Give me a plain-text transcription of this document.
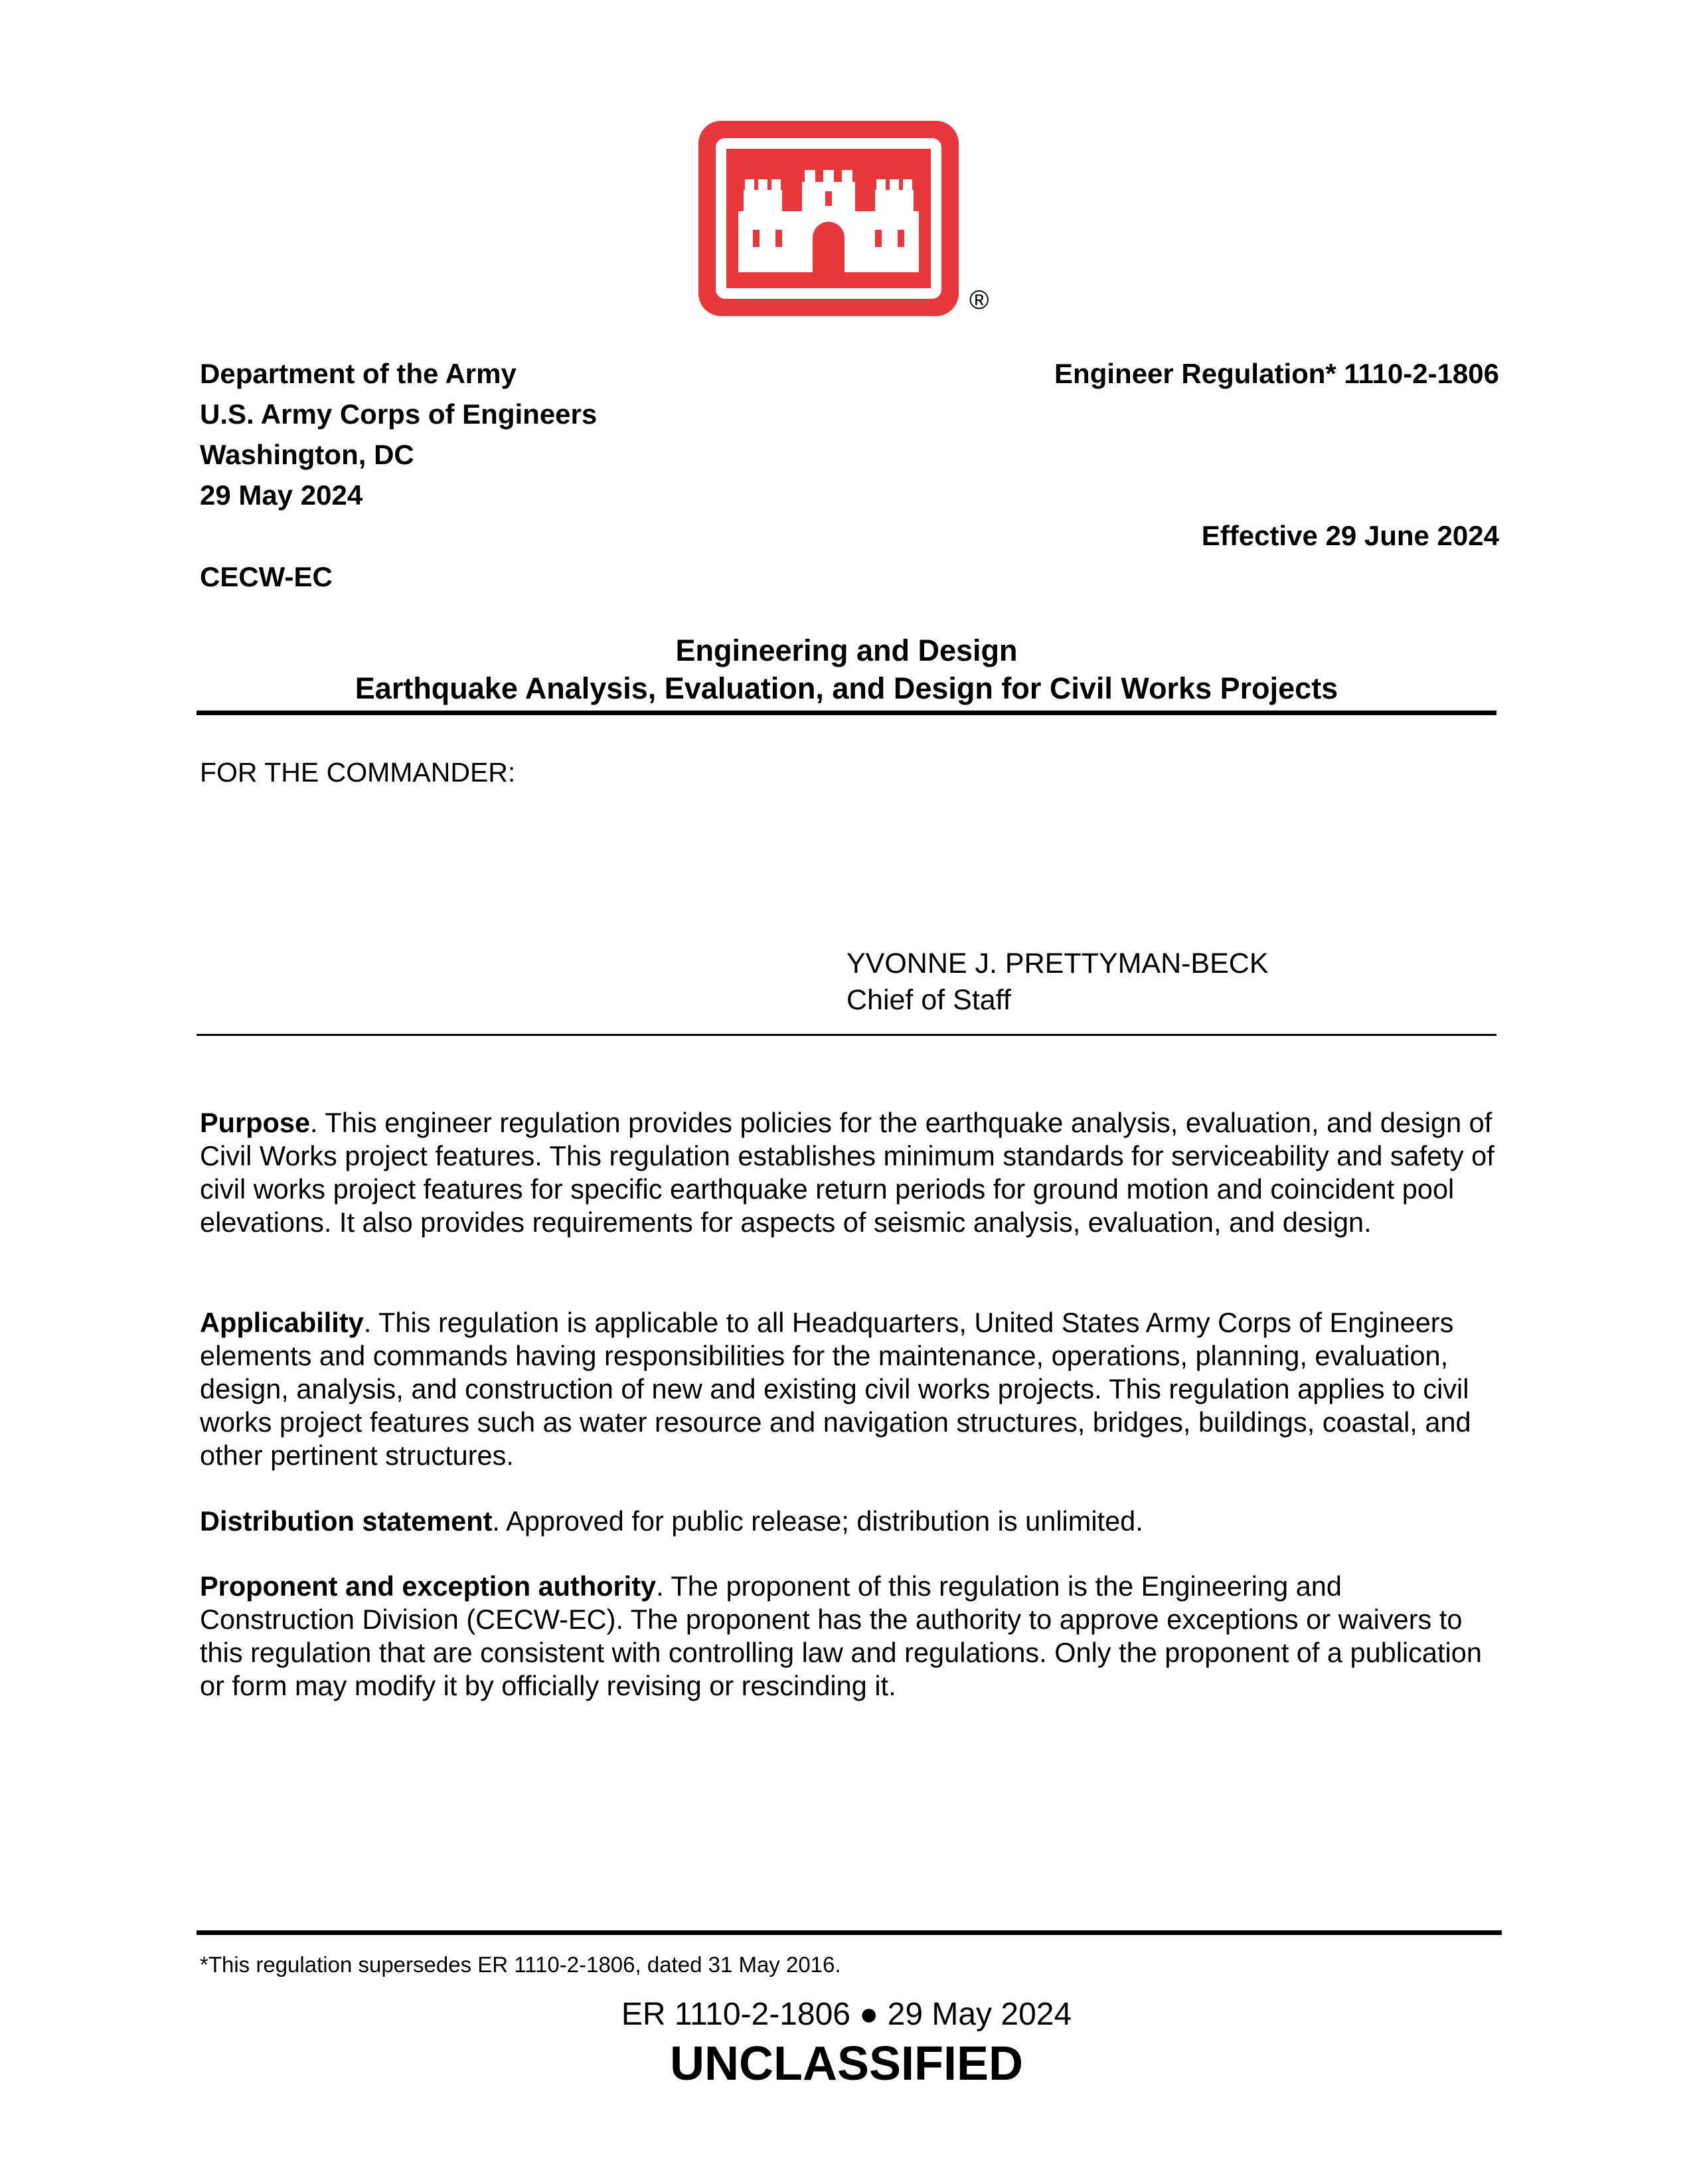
®
Department of the Army
U.S. Army Corps of Engineers
Washington, DC
29 May 2024
Engineer Regulation* 1110-2-1806
Effective 29 June 2024
CECW-EC
Engineering and Design
Earthquake Analysis, Evaluation, and Design for Civil Works Projects
FOR THE COMMANDER:
YVONNE J. PRETTYMAN-BECK
Chief of Staff
Purpose. This engineer regulation provides policies for the earthquake analysis, evaluation, and design of Civil Works project features. This regulation establishes minimum standards for serviceability and safety of civil works project features for specific earthquake return periods for ground motion and coincident pool elevations. It also provides requirements for aspects of seismic analysis, evaluation, and design.
Applicability. This regulation is applicable to all Headquarters, United States Army Corps of Engineers elements and commands having responsibilities for the maintenance, operations, planning, evaluation, design, analysis, and construction of new and existing civil works projects. This regulation applies to civil works project features such as water resource and navigation structures, bridges, buildings, coastal, and other pertinent structures.
Distribution statement. Approved for public release; distribution is unlimited.
Proponent and exception authority. The proponent of this regulation is the Engineering and Construction Division (CECW-EC). The proponent has the authority to approve exceptions or waivers to this regulation that are consistent with controlling law and regulations. Only the proponent of a publication or form may modify it by officially revising or rescinding it.
*This regulation supersedes ER 1110-2-1806, dated 31 May 2016.
ER 1110-2-1806 ● 29 May 2024
UNCLASSIFIED
